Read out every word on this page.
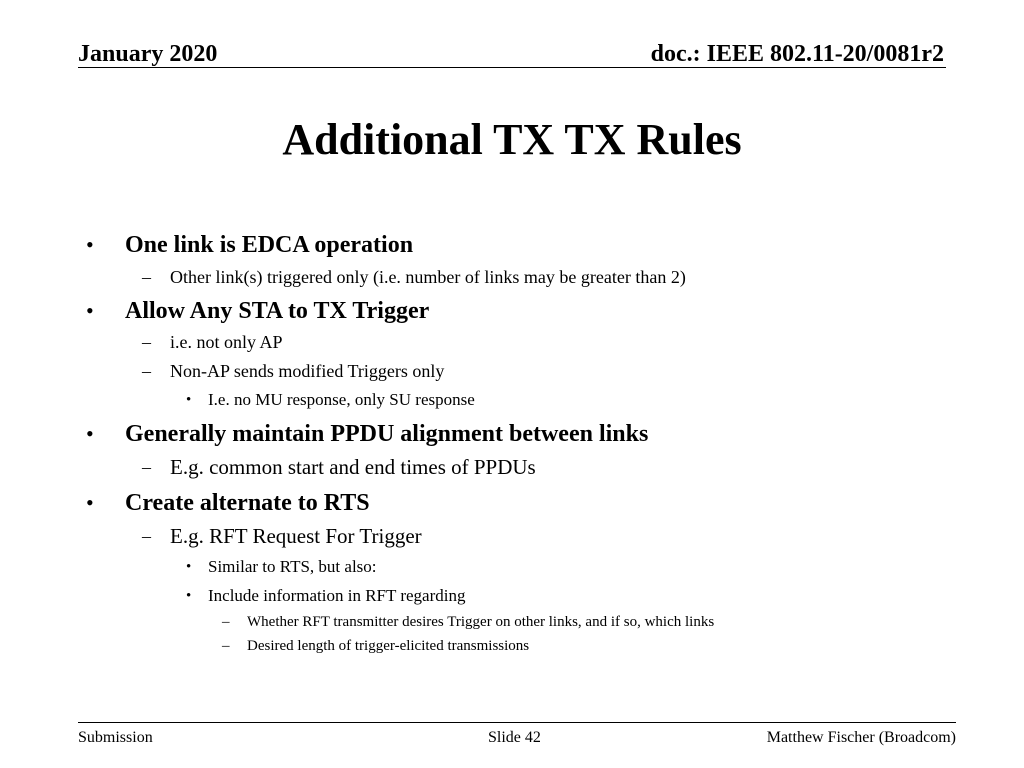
January 2020	doc.: IEEE 802.11-20/0081r2
Additional TX TX Rules
• One link is EDCA operation
– Other link(s) triggered only (i.e. number of links may be greater than 2)
• Allow Any STA to TX Trigger
– i.e. not only AP
– Non-AP sends modified Triggers only
• I.e. no MU response, only SU response
• Generally maintain PPDU alignment between links
– E.g. common start and end times of PPDUs
• Create alternate to RTS
– E.g. RFT Request For Trigger
• Similar to RTS, but also:
• Include information in RFT regarding
– Whether RFT transmitter desires Trigger on other links, and if so, which links
– Desired length of trigger-elicited transmissions
Submission	Slide 42	Matthew Fischer (Broadcom)
